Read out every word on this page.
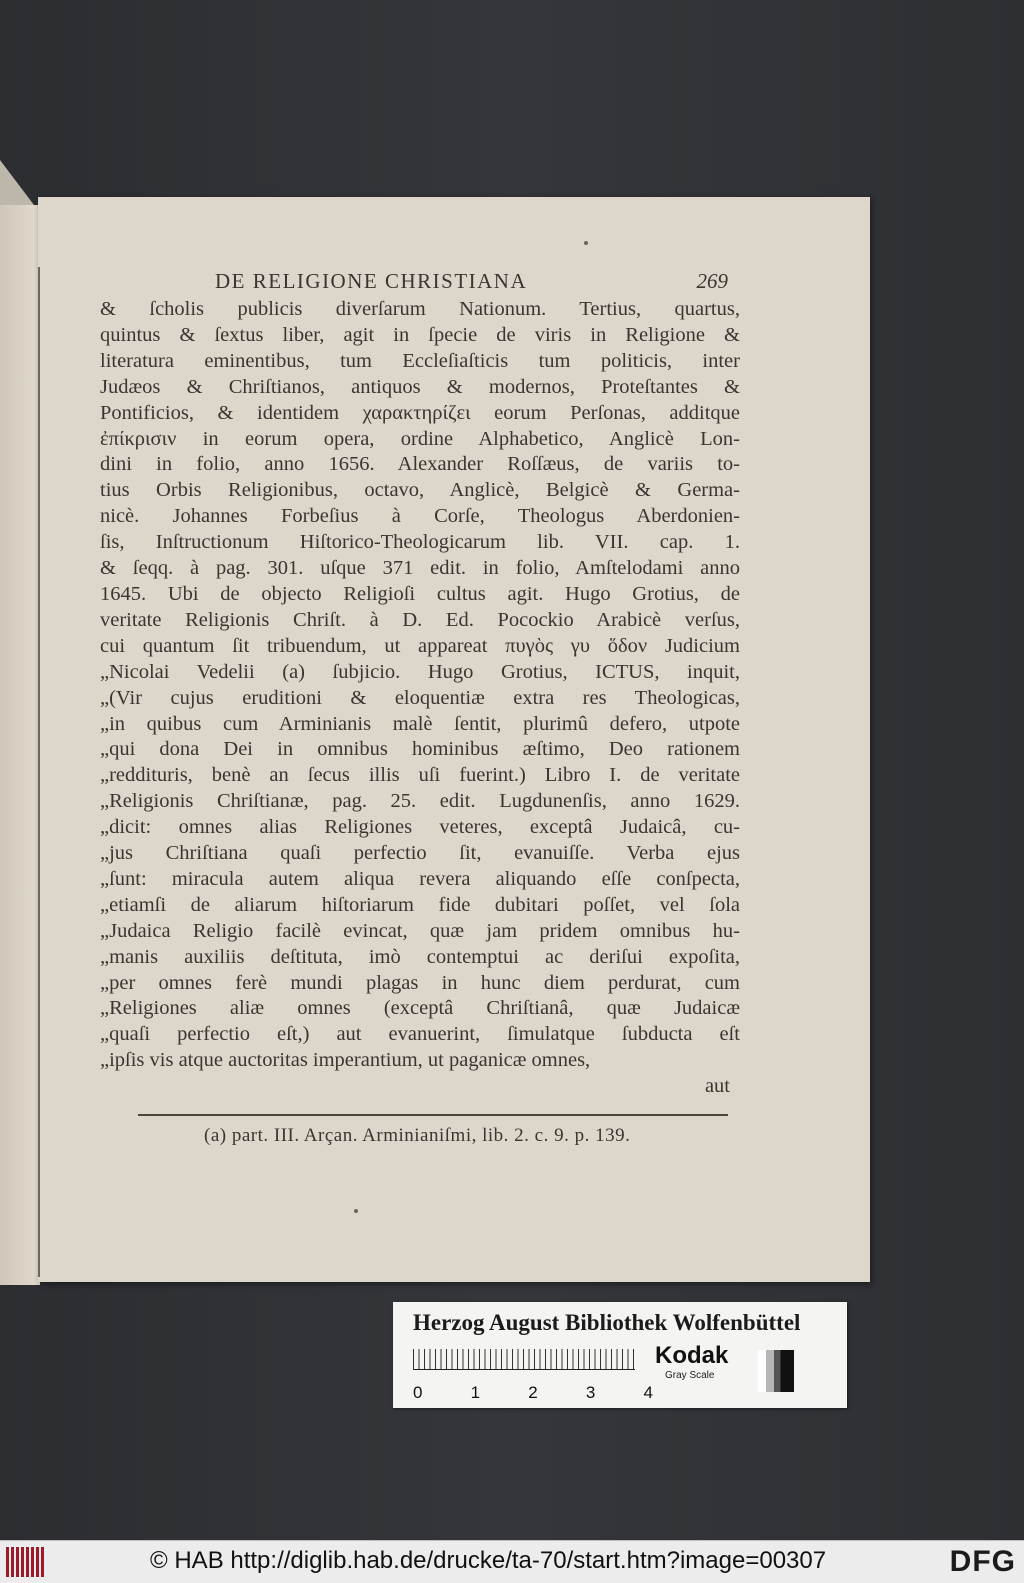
DE RELIGIONE CHRISTIANA	269
& ſcholis publicis diverſarum Nationum. Tertius, quartus,
quintus & ſextus liber, agit in ſpecie de viris in Religione &
literatura eminentibus, tum Eccleſiaſticis tum politicis, inter
Judæos & Chriſtianos, antiquos & modernos, Proteſtantes &
Pontificios, & identidem χαρακτηρίζει eorum Perſonas, additque
ἐπίκρισιν in eorum opera, ordine Alphabetico, Anglicè Lon-
dini in folio, anno 1656. Alexander Roſſæus, de variis to-
tius Orbis Religionibus, octavo, Anglicè, Belgicè & Germa-
nicè. Johannes Forbeſius à Corſe, Theologus Aberdonien-
ſis, Inſtructionum Hiſtorico-Theologicarum lib. VII. cap. 1.
& ſeqq. à pag. 301. uſque 371 edit. in folio, Amſtelodami anno
1645. Ubi de objecto Religioſi cultus agit. Hugo Grotius, de
veritate Religionis Chriſt. à D. Ed. Pocockio Arabicè verſus,
cui quantum ſit tribuendum, ut appareat πυγὸς γυ ὅδον Judicium
„Nicolai Vedelii (a) ſubjicio. Hugo Grotius, ICTUS, inquit,
„(Vir cujus eruditioni & eloquentiæ extra res Theologicas,
„in quibus cum Arminianis malè ſentit, plurimû defero, utpote
„qui dona Dei in omnibus hominibus æſtimo, Deo rationem
„reddituris, benè an ſecus illis uſi fuerint.) Libro I. de veritate
„Religionis Chriſtianæ, pag. 25. edit. Lugdunenſis, anno 1629.
„dicit: omnes alias Religiones veteres, exceptâ Judaicâ, cu-
„jus Chriſtiana quaſi perfectio ſit, evanuiſſe. Verba ejus
„ſunt: miracula autem aliqua revera aliquando eſſe conſpecta,
„etiamſi de aliarum hiſtoriarum fide dubitari poſſet, vel ſola
„Judaica Religio facilè evincat, quæ jam pridem omnibus hu-
„manis auxiliis deſtituta, imò contemptui ac deriſui expoſita,
„per omnes ferè mundi plagas in hunc diem perdurat, cum
„Religiones aliæ omnes (exceptâ Chriſtianâ, quæ Judaicæ
„quaſi perfectio eſt,) aut evanuerint, ſimulatque ſubducta eſt
„ipſis vis atque auctoritas imperantium, ut paganicæ omnes,
aut
(a) part. III. Arçan. Arminianiſmi, lib. 2. c. 9. p. 139.
Herzog August Bibliothek Wolfenbüttel
0	1	2	3	4
Kodak
Gray Scale
© HAB http://diglib.hab.de/drucke/ta-70/start.htm?image=00307	DFG
